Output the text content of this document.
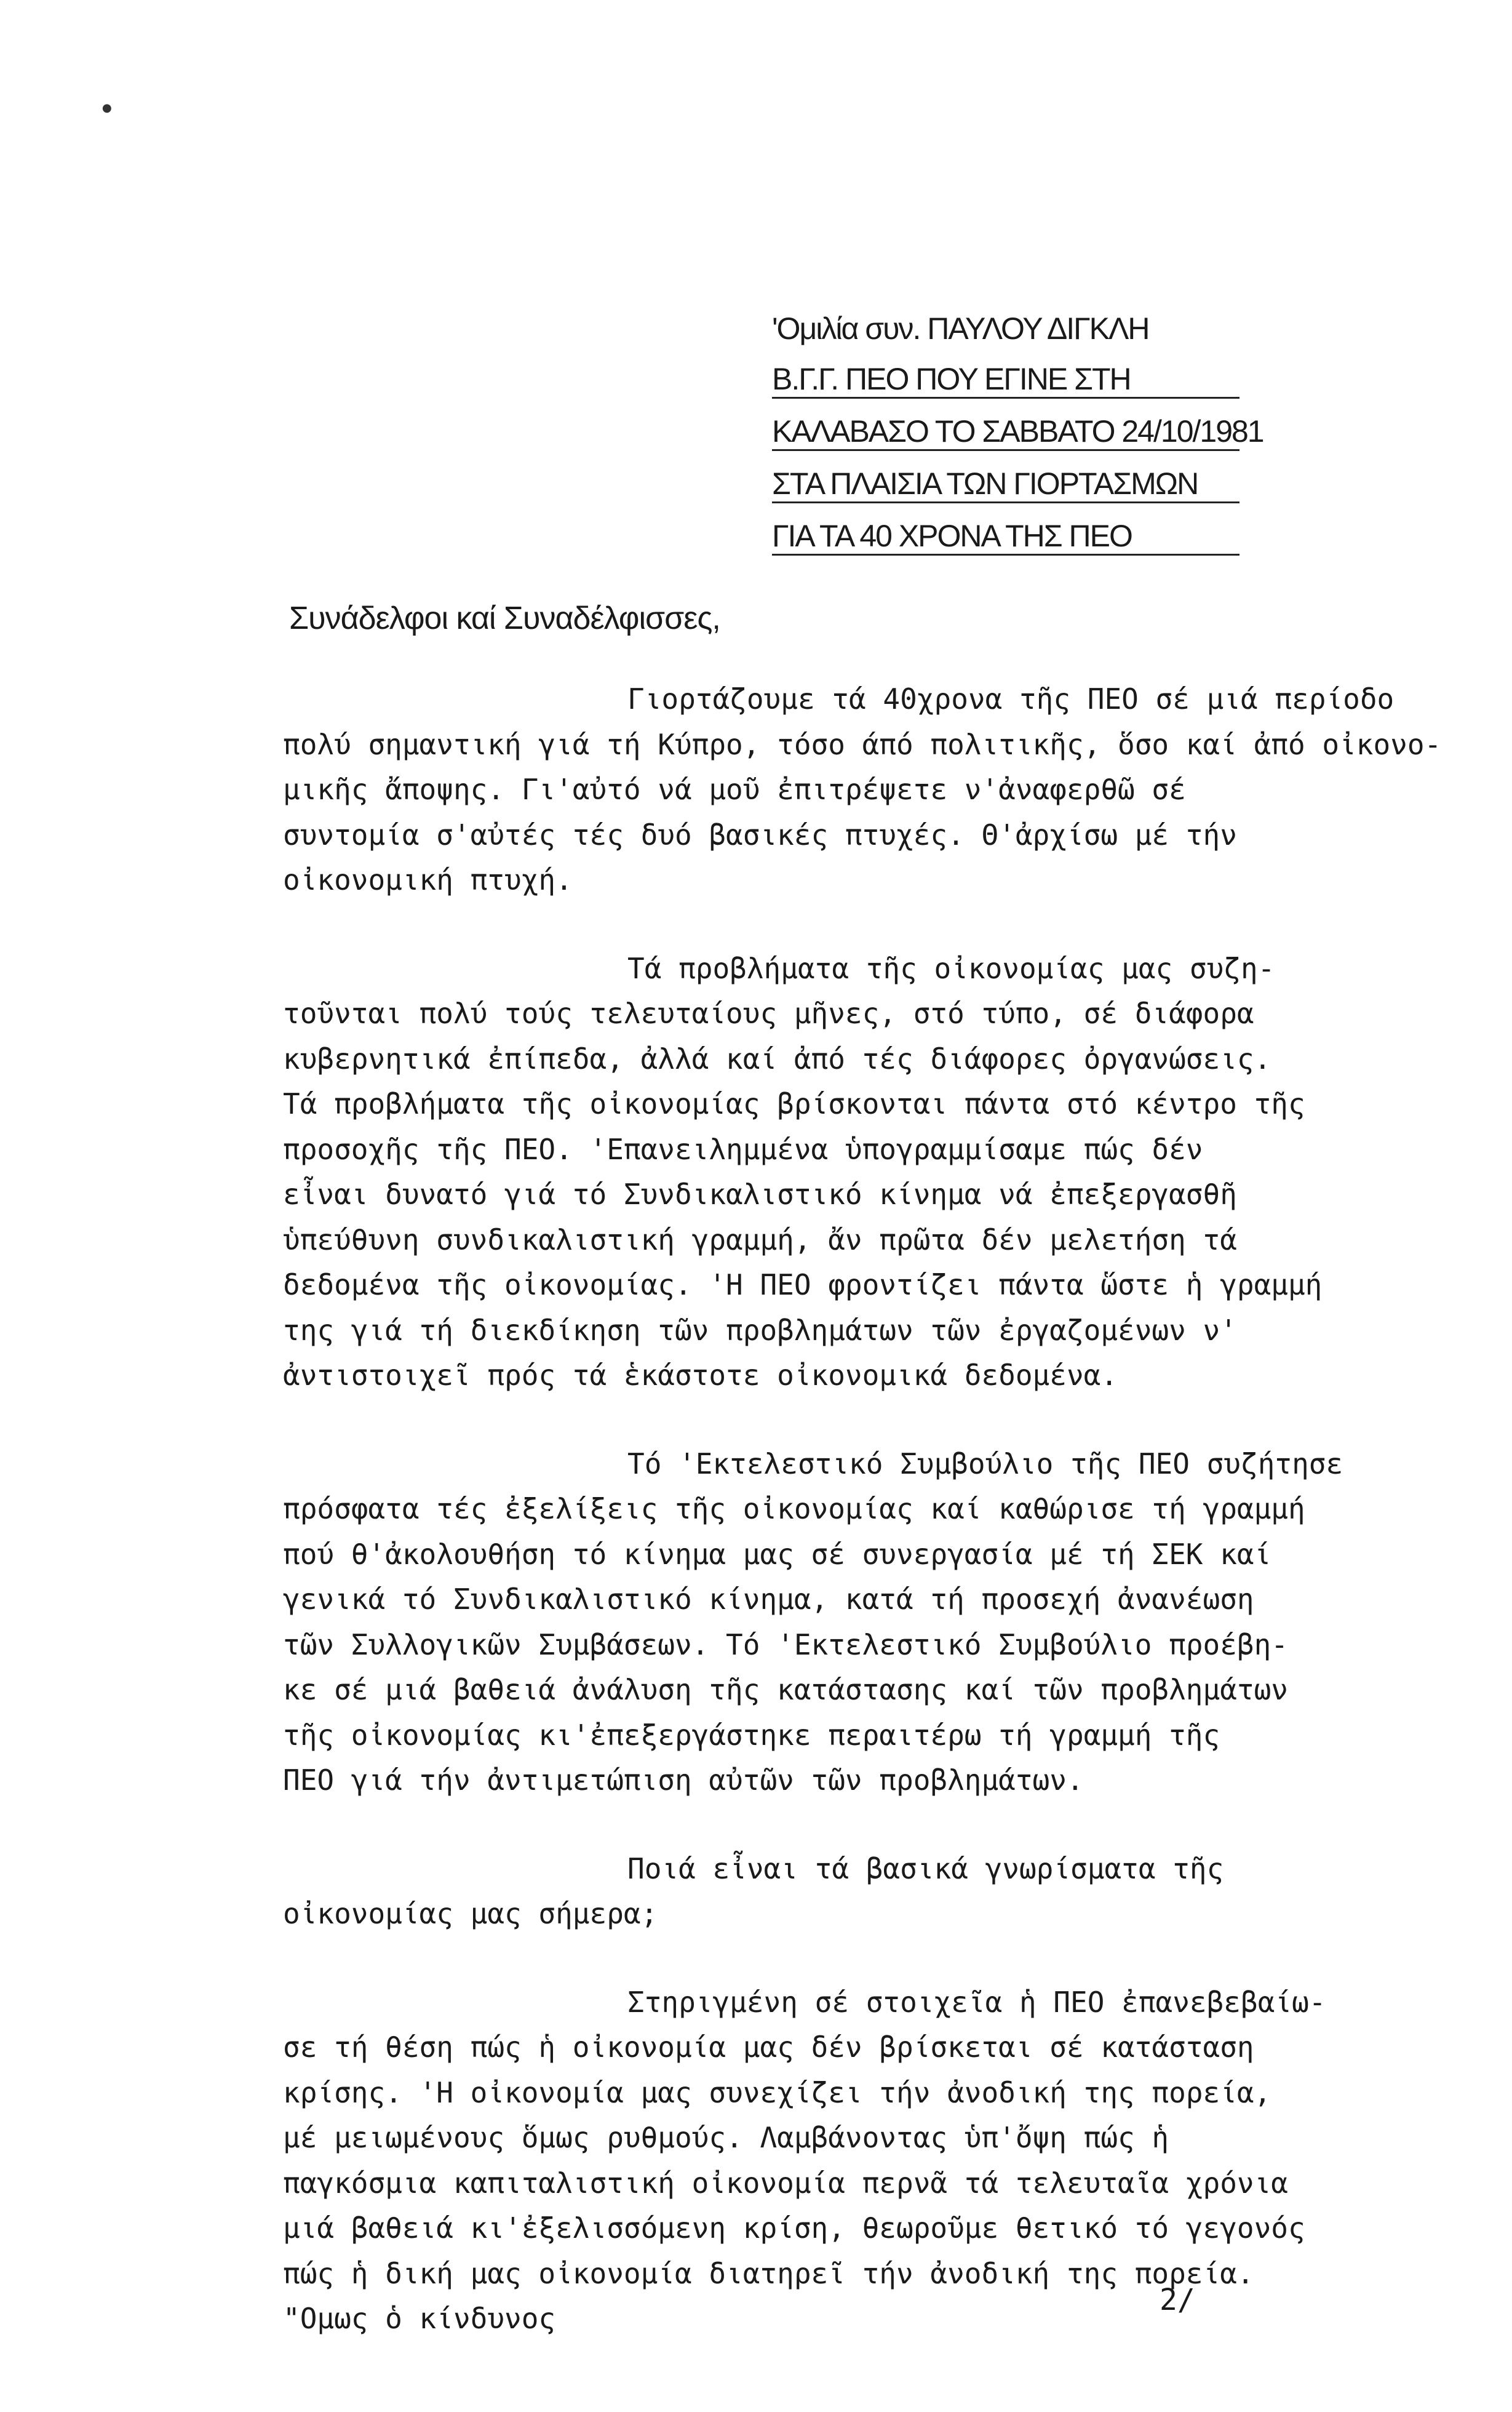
•
'Ομιλία συν. ΠΑΥΛΟΥ ΔΙΓΚΛΗ
Β.Γ.Γ. ΠΕΟ ΠΟΥ ΕΓΙΝΕ ΣΤΗ
ΚΑΛΑΒΑΣΟ ΤΟ ΣΑΒΒΑΤΟ 24/10/1981
ΣΤΑ ΠΛΑΙΣΙΑ ΤΩΝ ΓΙΟΡΤΑΣΜΩΝ
ΓΙΑ ΤΑ 40 ΧΡΟΝΑ ΤΗΣ ΠΕΟ
Συνάδελφοι καί Συναδέλφισσες,
Γιορτάζουμε τά 40χρονα τῆς ΠΕΟ σέ μιά περίοδο
πολύ σημαντική γιά τή Κύπρο, τόσο άπό πολιτικῆς, ὅσο καί ἀπό οἰκονο-
μικῆς ἄποψης. Γι'αὐτό νά μοῦ ἐπιτρέψετε ν'ἀναφερθῶ σέ
συντομία σ'αὐτές τές δυό βασικές πτυχές. Θ'ἀρχίσω μέ τήν
οἰκονομική πτυχή.
Τά προβλήματα τῆς οἰκονομίας μας συζη-
τοῦνται πολύ τούς τελευταίους μῆνες, στό τύπο, σέ διάφορα
κυβερνητικά ἐπίπεδα, ἀλλά καί ἀπό τές διάφορες ὀργανώσεις.
Τά προβλήματα τῆς οἰκονομίας βρίσκονται πάντα στό κέντρο τῆς
προσοχῆς τῆς ΠΕΟ. 'Επανειλημμένα ὑπογραμμίσαμε πώς δέν
εἶναι δυνατό γιά τό Συνδικαλιστικό κίνημα νά ἐπεξεργασθῆ
ὑπεύθυνη συνδικαλιστική γραμμή, ἄν πρῶτα δέν μελετήση τά
δεδομένα τῆς οἰκονομίας. 'Η ΠΕΟ φροντίζει πάντα ὥστε ἡ γραμμή
της γιά τή διεκδίκηση τῶν προβλημάτων τῶν ἐργαζομένων ν'
ἀντιστοιχεῖ πρός τά ἑκάστοτε οἰκονομικά δεδομένα.
Τό 'Εκτελεστικό Συμβούλιο τῆς ΠΕΟ συζήτησε
πρόσφατα τές ἐξελίξεις τῆς οἰκονομίας καί καθώρισε τή γραμμή
πού θ'ἀκολουθήση τό κίνημα μας σέ συνεργασία μέ τή ΣΕΚ καί
γενικά τό Συνδικαλιστικό κίνημα, κατά τή προσεχή ἀνανέωση
τῶν Συλλογικῶν Συμβάσεων. Τό 'Εκτελεστικό Συμβούλιο προέβη-
κε σέ μιά βαθειά ἀνάλυση τῆς κατάστασης καί τῶν προβλημάτων
τῆς οἰκονομίας κι'ἐπεξεργάστηκε περαιτέρω τή γραμμή τῆς
ΠΕΟ γιά τήν ἀντιμετώπιση αὐτῶν τῶν προβλημάτων.
Ποιά εἶναι τά βασικά γνωρίσματα τῆς
οἰκονομίας μας σήμερα;
Στηριγμένη σέ στοιχεῖα ἡ ΠΕΟ ἐπανεβεβαίω-
σε τή θέση πώς ἡ οἰκονομία μας δέν βρίσκεται σέ κατάσταση
κρίσης. 'Η οἰκονομία μας συνεχίζει τήν ἀνοδική της πορεία,
μέ μειωμένους ὅμως ρυθμούς. Λαμβάνοντας ὑπ'ὄψη πώς ἡ
παγκόσμια καπιταλιστική οἰκονομία περνᾶ τά τελευταῖα χρόνια
μιά βαθειά κι'ἐξελισσόμενη κρίση, θεωροῦμε θετικό τό γεγονός
πώς ἡ δική μας οἰκονομία διατηρεῖ τήν ἀνοδική της πορεία.
"Ομως ὁ κίνδυνος
2/
